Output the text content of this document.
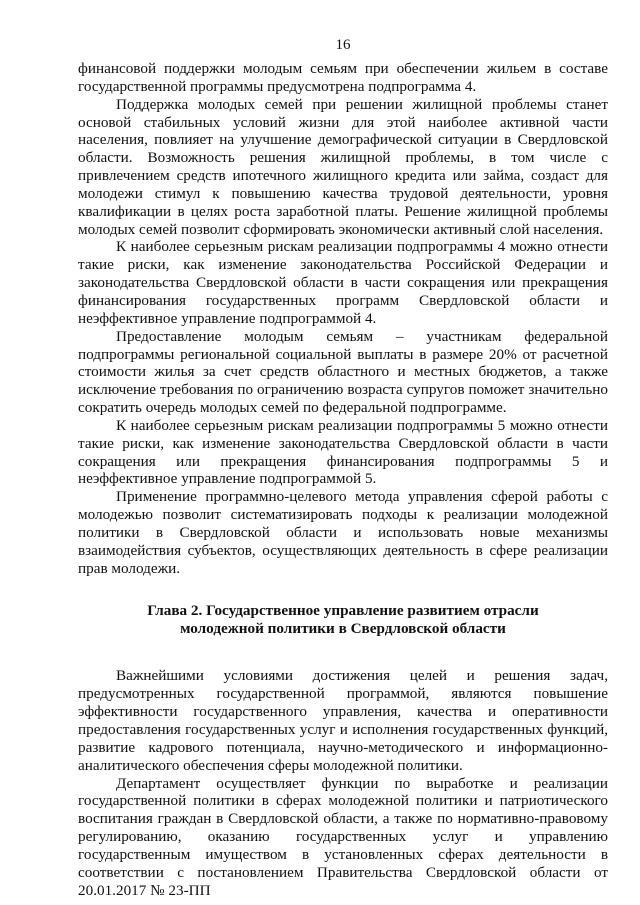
16

финансовой поддержки молодым семьям при обеспечении жильем в составе государственной программы предусмотрена подпрограмма 4.

Поддержка молодых семей при решении жилищной проблемы станет основой стабильных условий жизни для этой наиболее активной части населения, повлияет на улучшение демографической ситуации в Свердловской области. Возможность решения жилищной проблемы, в том числе с привлечением средств ипотечного жилищного кредита или займа, создаст для молодежи стимул к повышению качества трудовой деятельности, уровня квалификации в целях роста заработной платы. Решение жилищной проблемы молодых семей позволит сформировать экономически активный слой населения.

К наиболее серьезным рискам реализации подпрограммы 4 можно отнести такие риски, как изменение законодательства Российской Федерации и законодательства Свердловской области в части сокращения или прекращения финансирования государственных программ Свердловской области и неэффективное управление подпрограммой 4.

Предоставление молодым семьям – участникам федеральной подпрограммы региональной социальной выплаты в размере 20% от расчетной стоимости жилья за счет средств областного и местных бюджетов, а также исключение требования по ограничению возраста супругов поможет значительно сократить очередь молодых семей по федеральной подпрограмме.

К наиболее серьезным рискам реализации подпрограммы 5 можно отнести такие риски, как изменение законодательства Свердловской области в части сокращения или прекращения финансирования подпрограммы 5 и неэффективное управление подпрограммой 5.

Применение программно-целевого метода управления сферой работы с молодежью позволит систематизировать подходы к реализации молодежной политики в Свердловской области и использовать новые механизмы взаимодействия субъектов, осуществляющих деятельность в сфере реализации прав молодежи.

Глава 2. Государственное управление развитием отрасли
молодежной политики в Свердловской области

Важнейшими условиями достижения целей и решения задач, предусмотренных государственной программой, являются повышение эффективности государственного управления, качества и оперативности предоставления государственных услуг и исполнения государственных функций, развитие кадрового потенциала, научно-методического и информационно-аналитического обеспечения сферы молодежной политики.

Департамент осуществляет функции по выработке и реализации государственной политики в сферах молодежной политики и патриотического воспитания граждан в Свердловской области, а также по нормативно-правовому регулированию, оказанию государственных услуг и управлению государственным имуществом в установленных сферах деятельности в соответствии с постановлением Правительства Свердловской области от 20.01.2017 № 23-ПП
